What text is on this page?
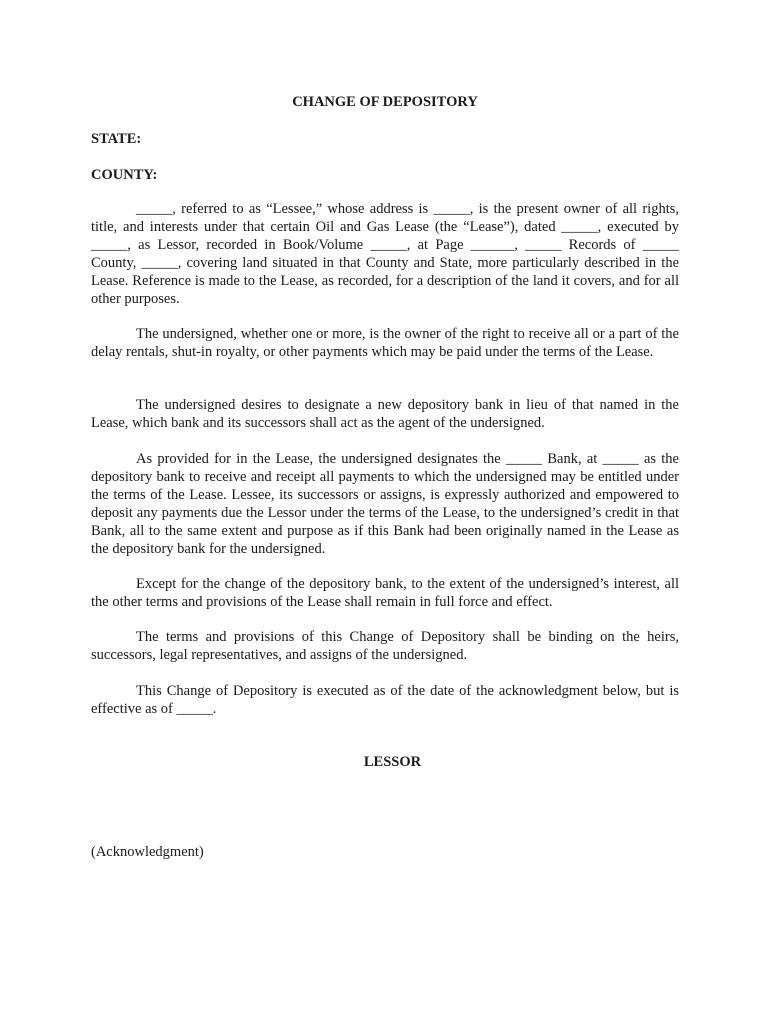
CHANGE OF DEPOSITORY

STATE:

COUNTY:

_____, referred to as “Lessee,” whose address is _____, is the present owner of all rights, title, and interests under that certain Oil and Gas Lease (the “Lease”), dated _____, executed by _____, as Lessor, recorded in Book/Volume _____, at Page ______, _____ Records of _____ County, _____, covering land situated in that County and State, more particularly described in the Lease. Reference is made to the Lease, as recorded, for a description of the land it covers, and for all other purposes.

The undersigned, whether one or more, is the owner of the right to receive all or a part of the delay rentals, shut-in royalty, or other payments which may be paid under the terms of the Lease.

The undersigned desires to designate a new depository bank in lieu of that named in the Lease, which bank and its successors shall act as the agent of the undersigned.

As provided for in the Lease, the undersigned designates the _____ Bank, at _____ as the depository bank to receive and receipt all payments to which the undersigned may be entitled under the terms of the Lease. Lessee, its successors or assigns, is expressly authorized and empowered to deposit any payments due the Lessor under the terms of the Lease, to the undersigned’s credit in that Bank, all to the same extent and purpose as if this Bank had been originally named in the Lease as the depository bank for the undersigned.

Except for the change of the depository bank, to the extent of the undersigned’s interest, all the other terms and provisions of the Lease shall remain in full force and effect.

The terms and provisions of this Change of Depository shall be binding on the heirs, successors, legal representatives, and assigns of the undersigned.

This Change of Depository is executed as of the date of the acknowledgment below, but is effective as of _____.

LESSOR

(Acknowledgment)
